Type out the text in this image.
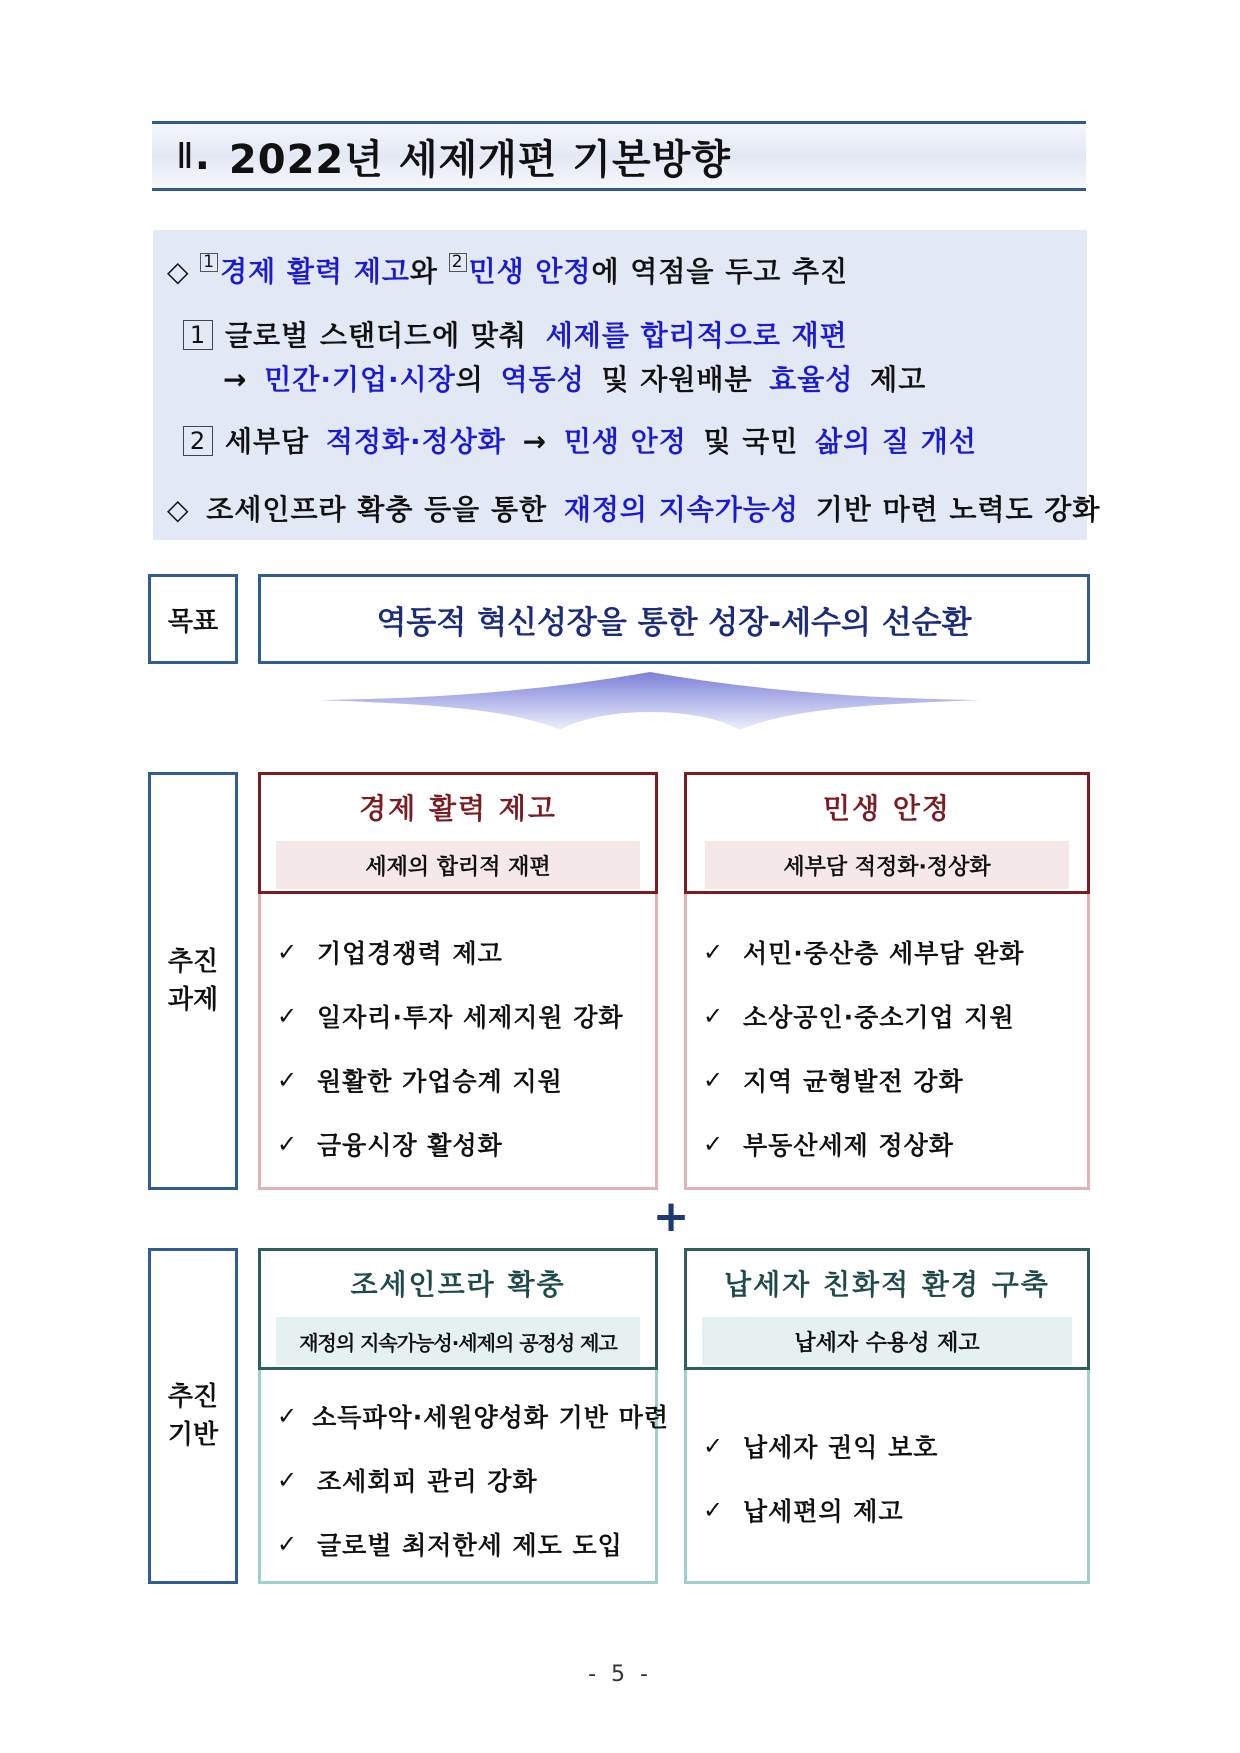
Ⅱ . 2022년 세제개편 기본방향
◇ 1 경제 활력 제고와 2 민생 안정에 역점을 두고 추진
1 글로벌 스탠더드에 맞춰 세제를 합리적으로 재편
→ 민간·기업·시장의 역동성 및 자원배분 효율성 제고
2 세부담 적정화·정상화 → 민생 안정 및 국민 삶의 질 개선
◇ 조세인프라 확충 등을 통한 재정의 지속가능성 기반 마련 노력도 강화
목표	역동적 혁신성장을 통한 성장-세수의 선순환
추진
과제
경제 활력 제고
세제의 합리적 재편
✓ 기업경쟁력 제고
✓ 일자리·투자 세제지원 강화
✓ 원활한 가업승계 지원
✓ 금융시장 활성화
민생 안정
세부담 적정화·정상화
✓ 서민·중산층 세부담 완화
✓ 소상공인·중소기업 지원
✓ 지역 균형발전 강화
✓ 부동산세제 정상화
+
추진
기반
조세인프라 확충
재정의 지속가능성·세제의 공정성 제고
✓ 소득파악·세원양성화 기반 마련
✓ 조세회피 관리 강화
✓ 글로벌 최저한세 제도 도입
납세자 친화적 환경 구축
납세자 수용성 제고
✓ 납세자 권익 보호
✓ 납세편의 제고
- 5 -
